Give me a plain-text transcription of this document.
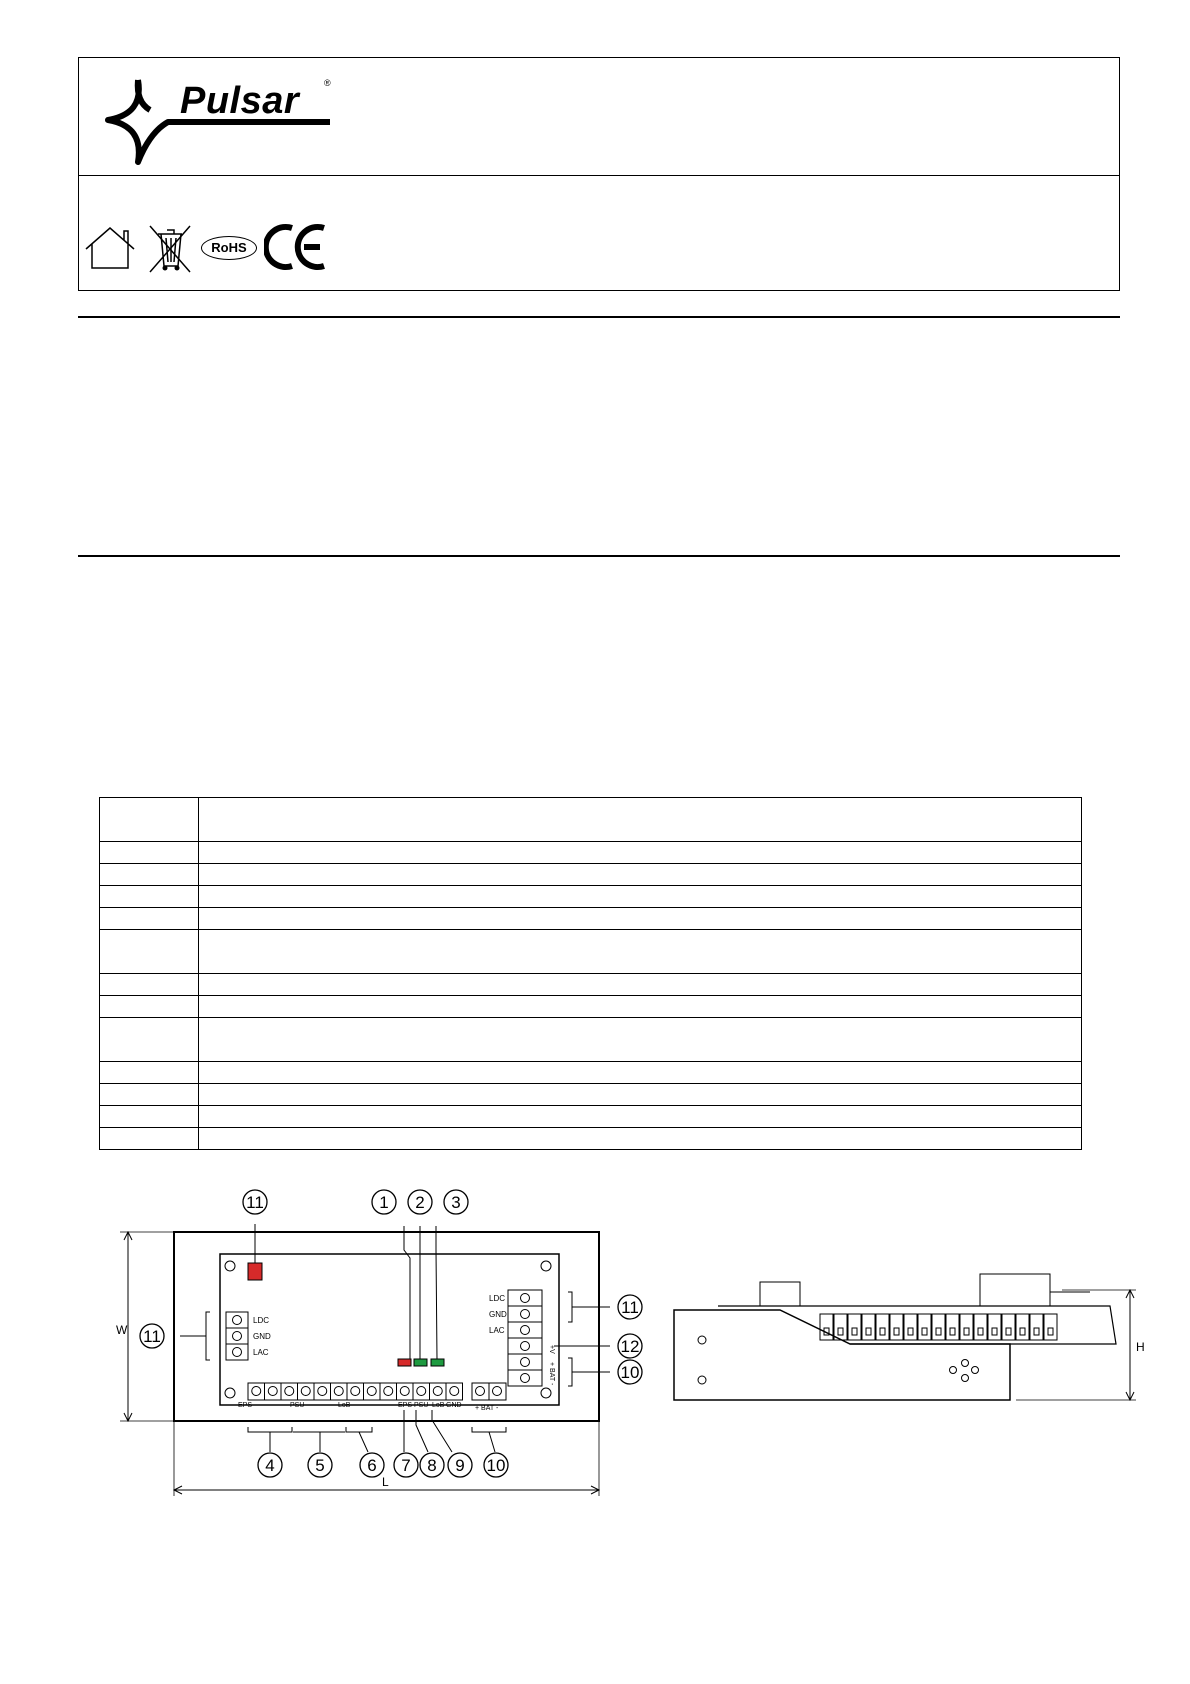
Pulsar	®
RoHS

LDC
GND
LAC
EPS	PSU	LoB	EPS PSU LoB GND + BAT -
LDC
GND
LAC
+V
+ BAT -
W
L
11	1 2 3
11
11
12
10
4 5	6 7 8 9 10
H
